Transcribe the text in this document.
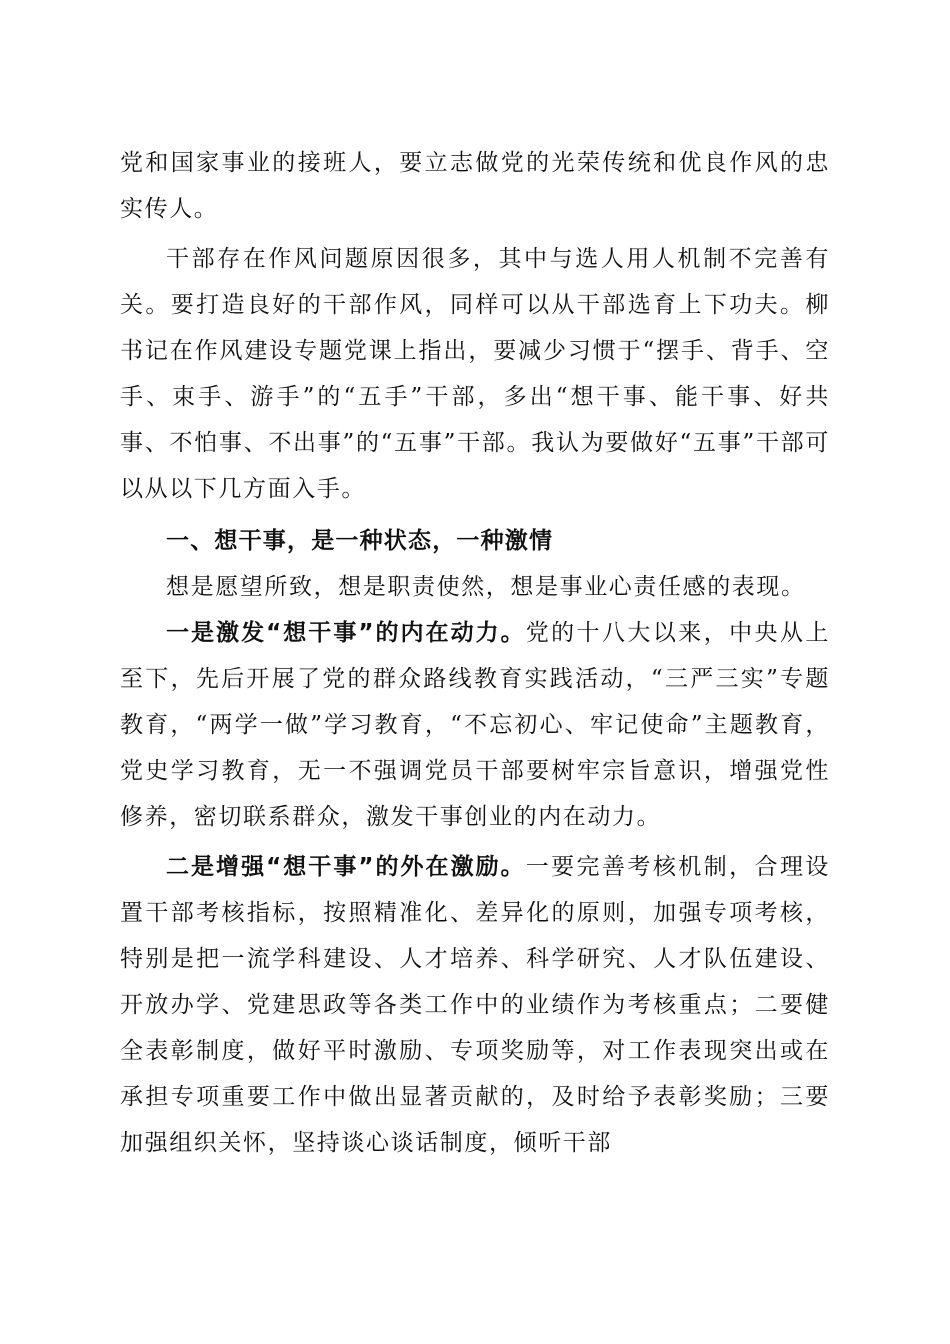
党和国家事业的接班人，要立志做党的光荣传统和优良作风的忠实传人。

干部存在作风问题原因很多，其中与选人用人机制不完善有关。要打造良好的干部作风，同样可以从干部选育上下功夫。柳书记在作风建设专题党课上指出，要减少习惯于“摆手、背手、空手、束手、游手”的“五手”干部，多出“想干事、能干事、好共事、不怕事、不出事”的“五事”干部。我认为要做好“五事”干部可以从以下几方面入手。

一、想干事，是一种状态，一种激情

想是愿望所致，想是职责使然，想是事业心责任感的表现。

一是激发“想干事”的内在动力。党的十八大以来，中央从上至下，先后开展了党的群众路线教育实践活动，“三严三实”专题教育，“两学一做”学习教育，“不忘初心、牢记使命”主题教育，党史学习教育，无一不强调党员干部要树牢宗旨意识，增强党性修养，密切联系群众，激发干事创业的内在动力。

二是增强“想干事”的外在激励。一要完善考核机制，合理设置干部考核指标，按照精准化、差异化的原则，加强专项考核，特别是把一流学科建设、人才培养、科学研究、人才队伍建设、开放办学、党建思政等各类工作中的业绩作为考核重点；二要健全表彰制度，做好平时激励、专项奖励等，对工作表现突出或在承担专项重要工作中做出显著贡献的，及时给予表彰奖励；三要加强组织关怀，坚持谈心谈话制度，倾听干部
